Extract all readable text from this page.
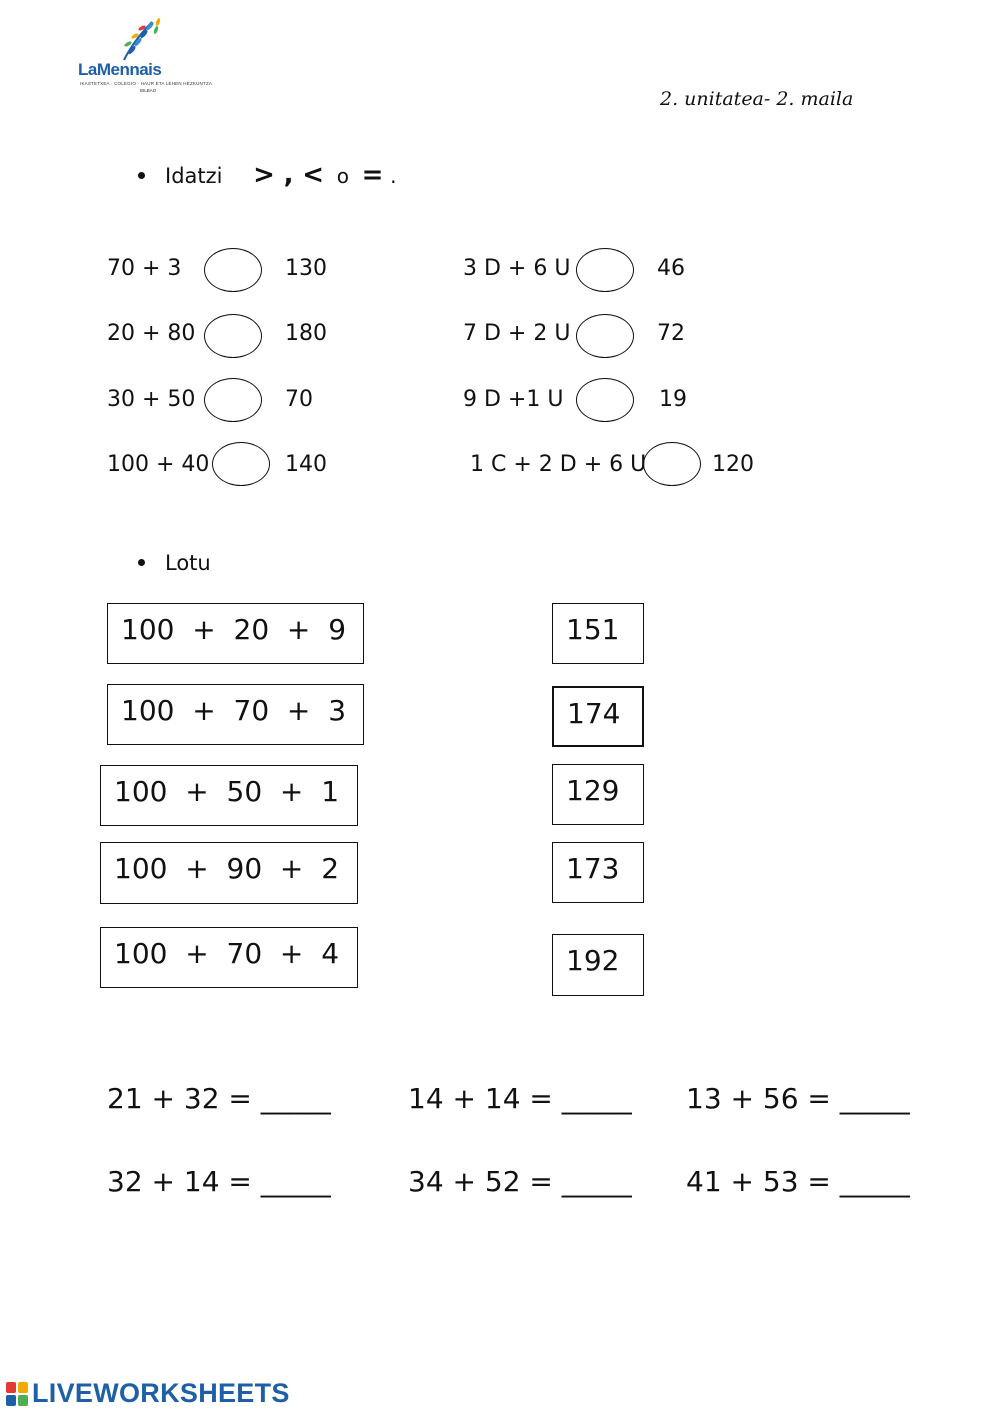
LaMennais
IKASTETXEA · COLEGIO · HAUR ETA LEHEN HEZKUNTZA
BILBAO	2. unitatea- 2. maila
Idatzi > , < o = .
70 + 3	130
20 + 80	180
30 + 50	70
100 + 40	140
3 D + 6 U	46
7 D + 2 U	72
9 D +1 U	19
1 C + 2 D + 6 U	120
Lotu
100  +  20  +  9
100  +  70  +  3
100  +  50  +  1
100  +  90  +  2
100  +  70  +  4
151
174
129
173
192
21 + 32 = _____	14 + 14 = _____ 13 + 56 = _____
32 + 14 = _____	34 + 52 = _____ 41 + 53 = _____
LIVEWORKSHEETS
